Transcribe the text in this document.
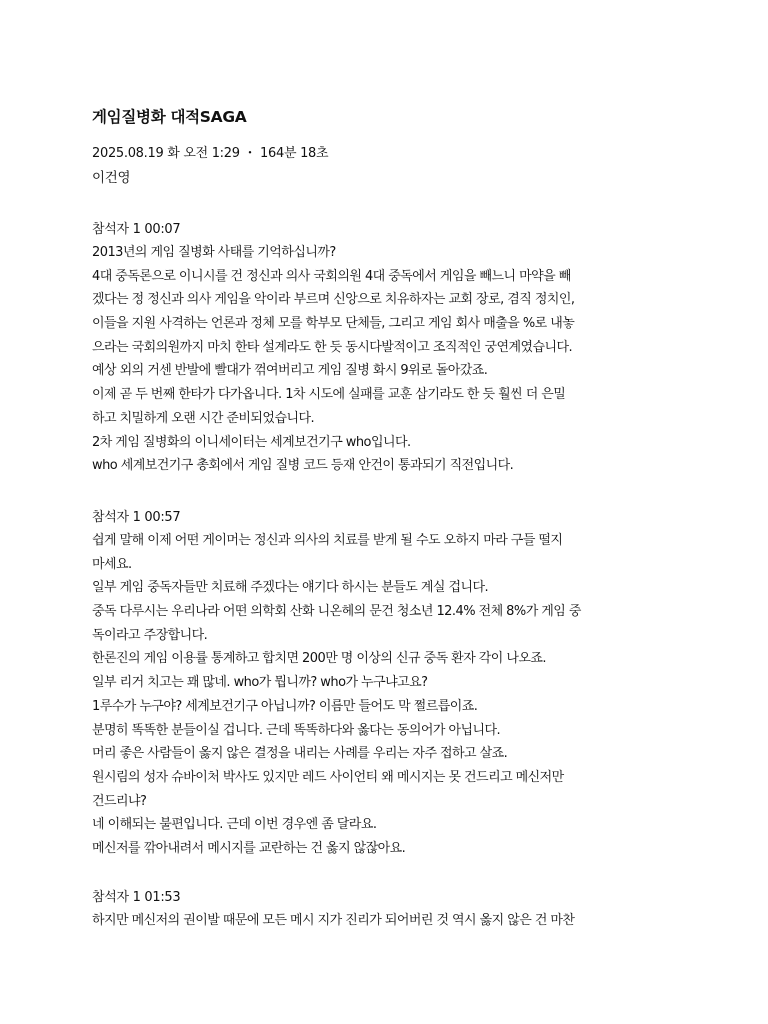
게임질병화 대적SAGA
2025.08.19 화 오전 1:29 ・ 164분 18초
이건영
참석자 1 00:07
2013년의 게임 질병화 사태를 기억하십니까?
4대 중독론으로 이니시를 건 정신과 의사 국회의원 4대 중독에서 게임을 빼느니 마약을 빼
겠다는 정 정신과 의사 게임을 악이라 부르며 신앙으로 치유하자는 교회 장로, 겸직 정치인,
이들을 지원 사격하는 언론과 정체 모를 학부모 단체들, 그리고 게임 회사 매출을 %로 내놓
으라는 국회의원까지 마치 한타 설계라도 한 듯 동시다발적이고 조직적인 궁연계였습니다.
예상 외의 거센 반발에 빨대가 꺾여버리고 게임 질병 화시 9위로 돌아갔죠.
이제 곧 두 번째 한타가 다가옵니다. 1차 시도에 실패를 교훈 삼기라도 한 듯 훨씬 더 은밀
하고 치밀하게 오랜 시간 준비되었습니다.
2차 게임 질병화의 이니세이터는 세계보건기구 who입니다.
who 세계보건기구 총회에서 게임 질병 코드 등재 안건이 통과되기 직전입니다.
참석자 1 00:57
쉽게 말해 이제 어떤 게이머는 정신과 의사의 치료를 받게 될 수도 오하지 마라 구들 떨지
마세요.
일부 게임 중독자들만 치료해 주겠다는 얘기다 하시는 분들도 계실 겁니다.
중독 다루시는 우리나라 어떤 의학회 산화 니온헤의 문건 청소년 12.4% 전체 8%가 게임 중
독이라고 주장합니다.
한론진의 게임 이용률 통계하고 합치면 200만 명 이상의 신규 중독 환자 각이 나오죠.
일부 리거 치고는 꽤 많네. who가 뭡니까? who가 누구냐고요?
1루수가 누구야? 세계보건기구 아닙니까? 이름만 들어도 막 쩔르릅이죠.
분명히 똑똑한 분들이실 겁니다. 근데 똑똑하다와 옳다는 동의어가 아닙니다.
머리 좋은 사람들이 옳지 않은 결정을 내리는 사례를 우리는 자주 접하고 살죠.
원시림의 성자 슈바이처 박사도 있지만 레드 사이언티 왜 메시지는 못 건드리고 메신저만
건드리냐?
네 이해되는 불편입니다. 근데 이번 경우엔 좀 달라요.
메신저를 깎아내려서 메시지를 교란하는 건 옳지 않잖아요.
참석자 1 01:53
하지만 메신저의 권이발 때문에 모든 메시 지가 진리가 되어버린 것 역시 옳지 않은 건 마찬
